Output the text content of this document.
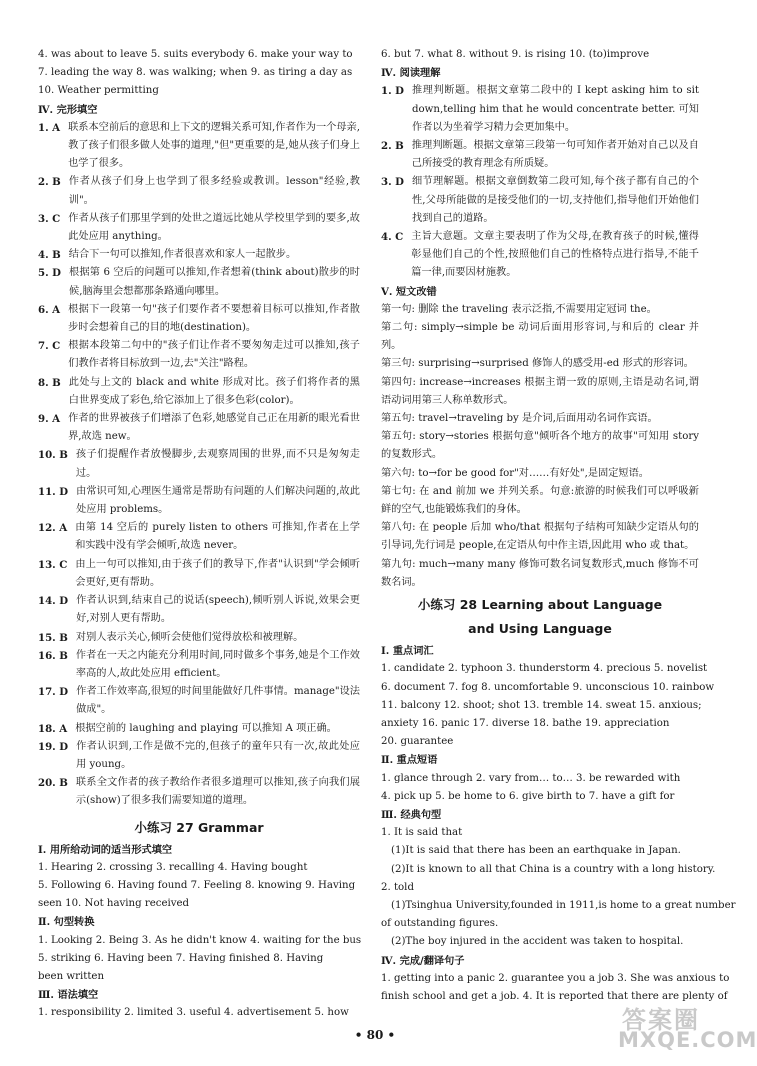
4. was about to leave 5. suits everybody 6. make your way to
7. leading the way 8. was walking; when 9. as tiring a day as
10. Weather permitting
Ⅳ. 完形填空
1. A 联系本空前后的意思和上下文的逻辑关系可知,作者作为一个母亲,教了孩子们很多做人处事的道理,"但"更重要的是,她从孩子们身上也学了很多。
2. B 作者从孩子们身上也学到了很多经验或教训。lesson"经验,教训"。
3. C 作者从孩子们那里学到的处世之道远比她从学校里学到的要多,故此处应用 anything。
4. B 结合下一句可以推知,作者很喜欢和家人一起散步。
5. D 根据第 6 空后的问题可以推知,作者想着(think about)散步的时候,脑海里会想都那条路通向哪里。
6. A 根据下一段第一句"孩子们要作者不要想着目标可以推知,作者散步时会想着自己的目的地(destination)。
7. C 根据本段第二句中的"孩子们让作者不要匆匆走过可以推知,孩子们教作者将目标放到一边,去"关注"路程。
8. B 此处与上文的 black and white 形成对比。孩子们将作者的黑白世界变成了彩色,给它添加上了很多色彩(color)。
9. A 作者的世界被孩子们增添了色彩,她感觉自己正在用新的眼光看世界,故选 new。
10. B 孩子们提醒作者放慢脚步,去观察周围的世界,而不只是匆匆走过。
11. D 由常识可知,心理医生通常是帮助有问题的人们解决问题的,故此处应用 problems。
12. A 由第 14 空后的 purely listen to others 可推知,作者在上学和实践中没有学会倾听,故选 never。
13. C 由上一句可以推知,由于孩子们的教导下,作者"认识到"学会倾听会更好,更有帮助。
14. D 作者认识到,结束自己的说话(speech),倾听别人诉说,效果会更好,对别人更有帮助。
15. B 对别人表示关心,倾听会使他们觉得放松和被理解。
16. B 作者在一天之内能充分利用时间,同时做多个事务,她是个工作效率高的人,故此处应用 efficient。
17. D 作者工作效率高,很短的时间里能做好几件事情。manage"设法做成"。
18. A 根据空前的 laughing and playing 可以推知 A 项正确。
19. D 作者认识到,工作是做不完的,但孩子的童年只有一次,故此处应用 young。
20. B 联系全文作者的孩子教给作者很多道理可以推知,孩子向我们展示(show)了很多我们需要知道的道理。
小练习 27 Grammar
Ⅰ. 用所给动词的适当形式填空
1. Hearing 2. crossing 3. recalling 4. Having bought
5. Following 6. Having found 7. Feeling 8. knowing 9. Having
seen 10. Not having received
Ⅱ. 句型转换
1. Looking 2. Being 3. As he didn't know 4. waiting for the bus
5. striking 6. Having been 7. Having finished 8. Having
been written
Ⅲ. 语法填空
1. responsibility 2. limited 3. useful 4. advertisement 5. how
6. but 7. what 8. without 9. is rising 10. (to)improve
Ⅳ. 阅读理解
1. D 推理判断题。根据文章第二段中的 I kept asking him to sit down,telling him that he would concentrate better. 可知作者以为坐着学习精力会更加集中。
2. B 推理判断题。根据文章第三段第一句可知作者开始对自己以及自己所接受的教育理念有所质疑。
3. D 细节理解题。根据文章倒数第二段可知,每个孩子都有自己的个性,父母所能做的是接受他们的一切,支持他们,指导他们开始他们找到自己的道路。
4. C 主旨大意题。文章主要表明了作为父母,在教育孩子的时候,懂得彰显他们自己的个性,按照他们自己的性格特点进行指导,不能千篇一律,而要因材施教。
Ⅴ. 短文改错
第一句: 删除 the traveling 表示泛指,不需要用定冠词 the。
第二句: simply→simple be 动词后面用形容词,与和后的 clear 并列。
第三句: surprising→surprised 修饰人的感受用-ed 形式的形容词。
第四句: increase→increases 根据主谓一致的原则,主语是动名词,谓语动词用第三人称单数形式。
第五句: travel→traveling by 是介词,后面用动名词作宾语。
第五句: story→stories 根据句意"倾听各个地方的故事"可知用 story 的复数形式。
第六句: to→for be good for"对……有好处",是固定短语。
第七句: 在 and 前加 we 并列关系。句意:旅游的时候我们可以呼吸新鲜的空气,也能锻炼我们的身体。
第八句: 在 people 后加 who/that 根据句子结构可知缺少定语从句的引导词,先行词是 people,在定语从句中作主语,因此用 who 或 that。
第九句: much→many many 修饰可数名词复数形式,much 修饰不可数名词。
小练习 28 Learning about Language
and Using Language
Ⅰ. 重点词汇
1. candidate 2. typhoon 3. thunderstorm 4. precious 5. novelist
6. document 7. fog 8. uncomfortable 9. unconscious 10. rainbow
11. balcony 12. shoot; shot 13. tremble 14. sweat 15. anxious;
anxiety 16. panic 17. diverse 18. bathe 19. appreciation
20. guarantee
Ⅱ. 重点短语
1. glance through 2. vary from… to… 3. be rewarded with
4. pick up 5. be home to 6. give birth to 7. have a gift for
Ⅲ. 经典句型
1. It is said that
(1)It is said that there has been an earthquake in Japan.
(2)It is known to all that China is a country with a long history.
2. told
(1)Tsinghua University,founded in 1911,is home to a great number
of outstanding figures.
(2)The boy injured in the accident was taken to hospital.
Ⅳ. 完成/翻译句子
1. getting into a panic 2. guarantee you a job 3. She was anxious to
finish school and get a job. 4. It is reported that there are plenty of
• 80 •
答案圈
MXQE.COM
